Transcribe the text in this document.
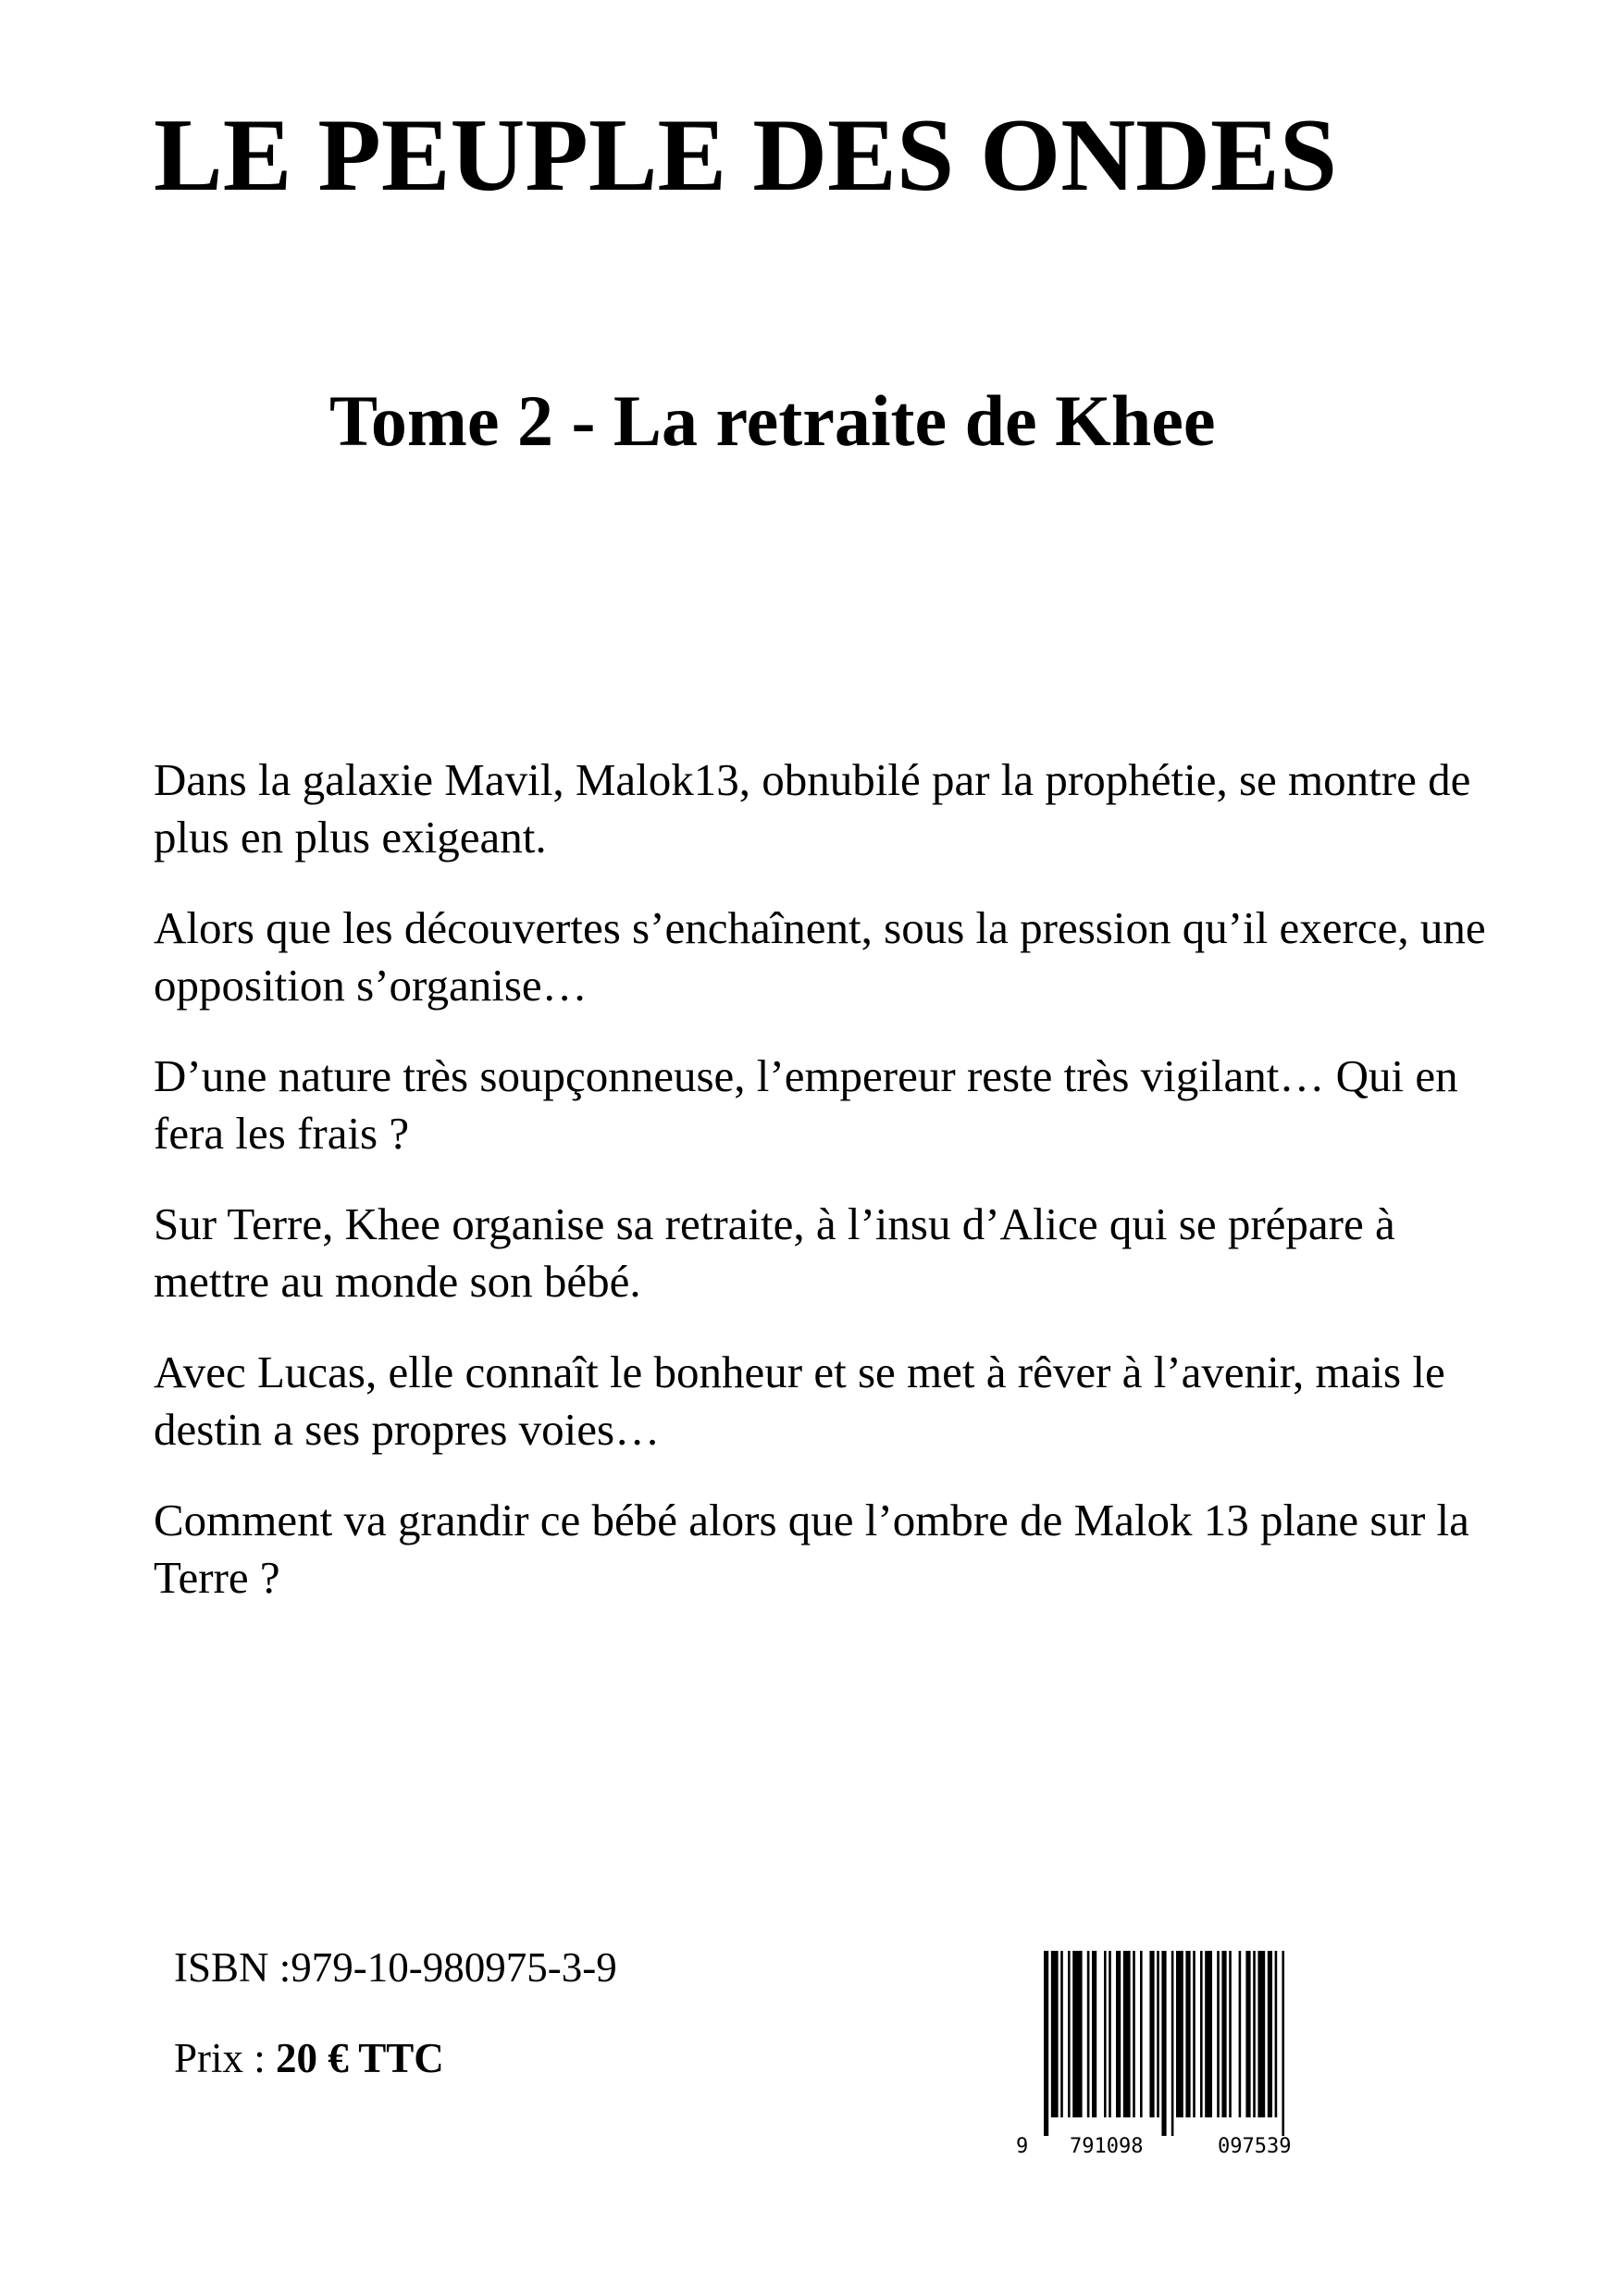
LE PEUPLE DES ONDES
Tome 2 - La retraite de Khee

Dans la galaxie Mavil, Malok13, obnubilé par la prophétie, se montre de plus en plus exigeant.

Alors que les découvertes s’enchaînent, sous la pression qu’il exerce, une opposition s’organise…

D’une nature très soupçonneuse, l’empereur reste très vigilant… Qui en fera les frais ?

Sur Terre, Khee organise sa retraite, à l’insu d’Alice qui se prépare à mettre au monde son bébé.

Avec Lucas, elle connaît le bonheur et se met à rêver à l’avenir, mais le destin a ses propres voies…

Comment va grandir ce bébé alors que l’ombre de Malok 13 plane sur la Terre ?

ISBN :979-10-980975-3-9
Prix : 20 € TTC
9 791098	097539
